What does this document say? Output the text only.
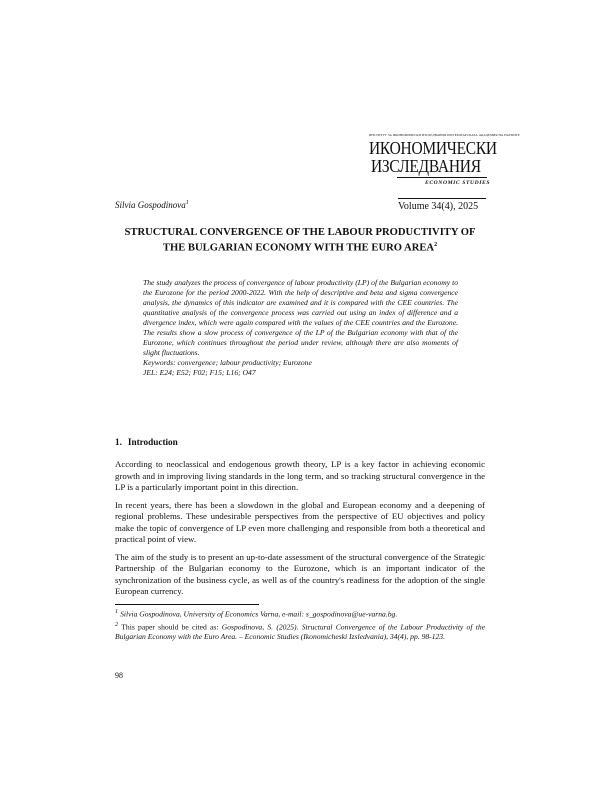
ИНСТИТУТ ЗА ИКОНОМИЧЕСКИ ИЗСЛЕДВАНИЯ ПРИ БЪЛГАРСКАТА АКАДЕМИЯ НА НАУКИТЕ
ИКОНОМИЧЕСКИ
ИЗСЛЕДВАНИЯ
ECONOMIC STUDIES
Silvia Gospodinova$^1$	Volume 34(4), 2025
STRUCTURAL CONVERGENCE OF THE LABOUR PRODUCTIVITY OF THE BULGARIAN ECONOMY WITH THE EURO AREA$^2$

The study analyzes the process of convergence of labour productivity (LP) of the Bulgarian economy to the Eurozone for the period 2000-2022. With the help of descriptive and beta and sigma convergence analysis, the dynamics of this indicator are examined and it is compared with the CEE countries. The quantitative analysis of the convergence process was carried out using an index of difference and a divergence index, which were again compared with the values of the CEE countries and the Eurozone. The results show a slow process of convergence of the LP of the Bulgarian economy with that of the Eurozone, which continues throughout the period under review, although there are also moments of slight fluctuations.

Keywords: convergence; labour productivity; Eurozone

JEL: E24; E52; F02; F15; L16; O47

1. Introduction

According to neoclassical and endogenous growth theory, LP is a key factor in achieving economic growth and in improving living standards in the long term, and so tracking structural convergence in the LP is a particularly important point in this direction.

In recent years, there has been a slowdown in the global and European economy and a deepening of regional problems. These undesirable perspectives from the perspective of EU objectives and policy make the topic of convergence of LP even more challenging and responsible from both a theoretical and practical point of view.

The aim of the study is to present an up-to-date assessment of the structural convergence of the Strategic Partnership of the Bulgarian economy to the Eurozone, which is an important indicator of the synchronization of the business cycle, as well as of the country's readiness for the adoption of the single European currency.

$^1$ Silvia Gospodinova, University of Economics Varna, e-mail: s_gospodinova@ue-varna.bg.

$^2$ This paper should be cited as: Gospodinova, S. (2025). Structural Convergence of the Labour Productivity of the Bulgarian Economy with the Euro Area. – Economic Studies (Ikonomicheski Izsledvania), 34(4), pp. 98-123.

98
